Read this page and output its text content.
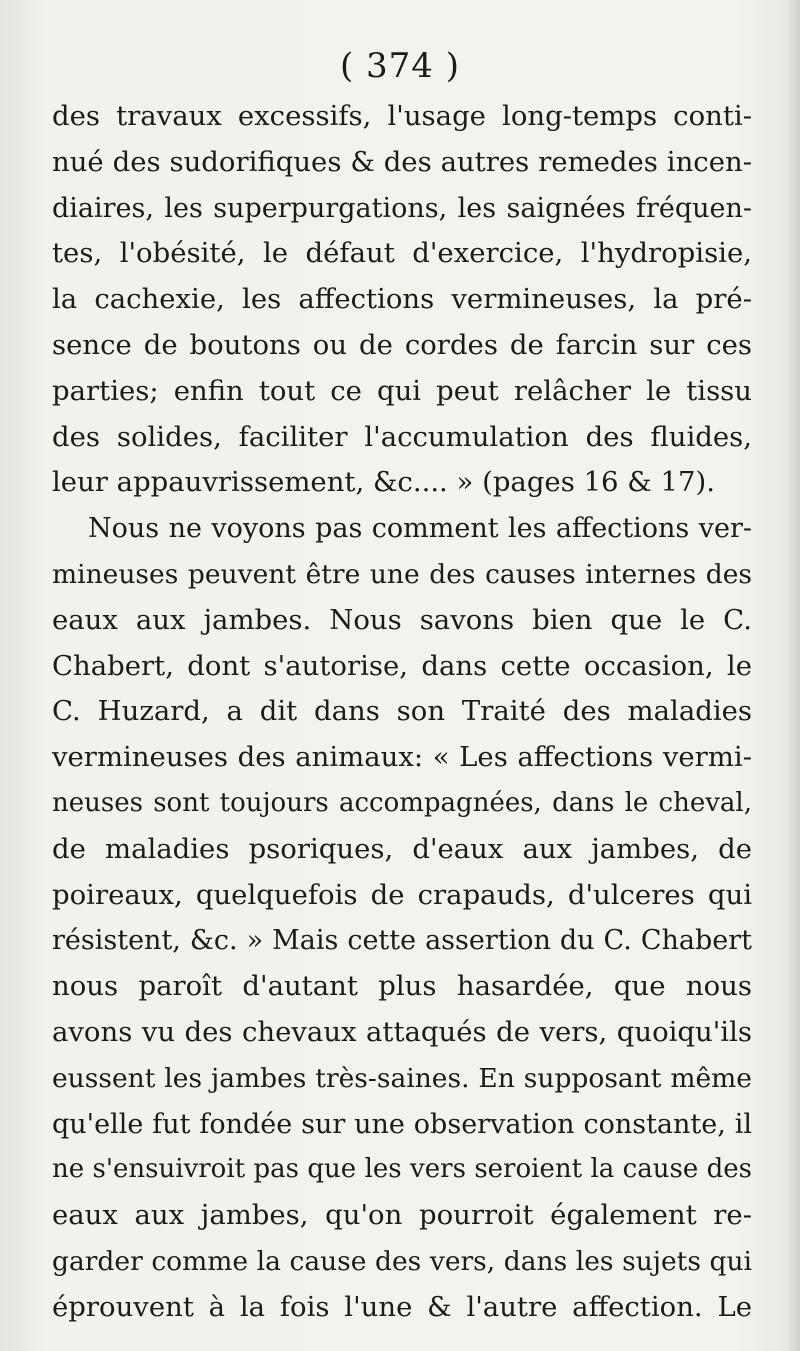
( 374 )
des travaux excessifs, l'usage long-temps conti-
nué des sudorifiques & des autres remedes incen-
diaires, les superpurgations, les saignées fréquen-
tes, l'obésité, le défaut d'exercice, l'hydropisie,
la cachexie, les affections vermineuses, la pré-
sence de boutons ou de cordes de farcin sur ces
parties; enfin tout ce qui peut relâcher le tissu
des solides, faciliter l'accumulation des fluides,
leur appauvrissement, &c.... » (pages 16 & 17).
Nous ne voyons pas comment les affections ver-
mineuses peuvent être une des causes internes des
eaux aux jambes. Nous savons bien que le C.
Chabert, dont s'autorise, dans cette occasion, le
C. Huzard, a dit dans son Traité des maladies
vermineuses des animaux: « Les affections vermi-
neuses sont toujours accompagnées, dans le cheval,
de maladies psoriques, d'eaux aux jambes, de
poireaux, quelquefois de crapauds, d'ulceres qui
résistent, &c. » Mais cette assertion du C. Chabert
nous paroît d'autant plus hasardée, que nous
avons vu des chevaux attaqués de vers, quoiqu'ils
eussent les jambes très-saines. En supposant même
qu'elle fut fondée sur une observation constante, il
ne s'ensuivroit pas que les vers seroient la cause des
eaux aux jambes, qu'on pourroit également re-
garder comme la cause des vers, dans les sujets qui
éprouvent à la fois l'une & l'autre affection. Le
